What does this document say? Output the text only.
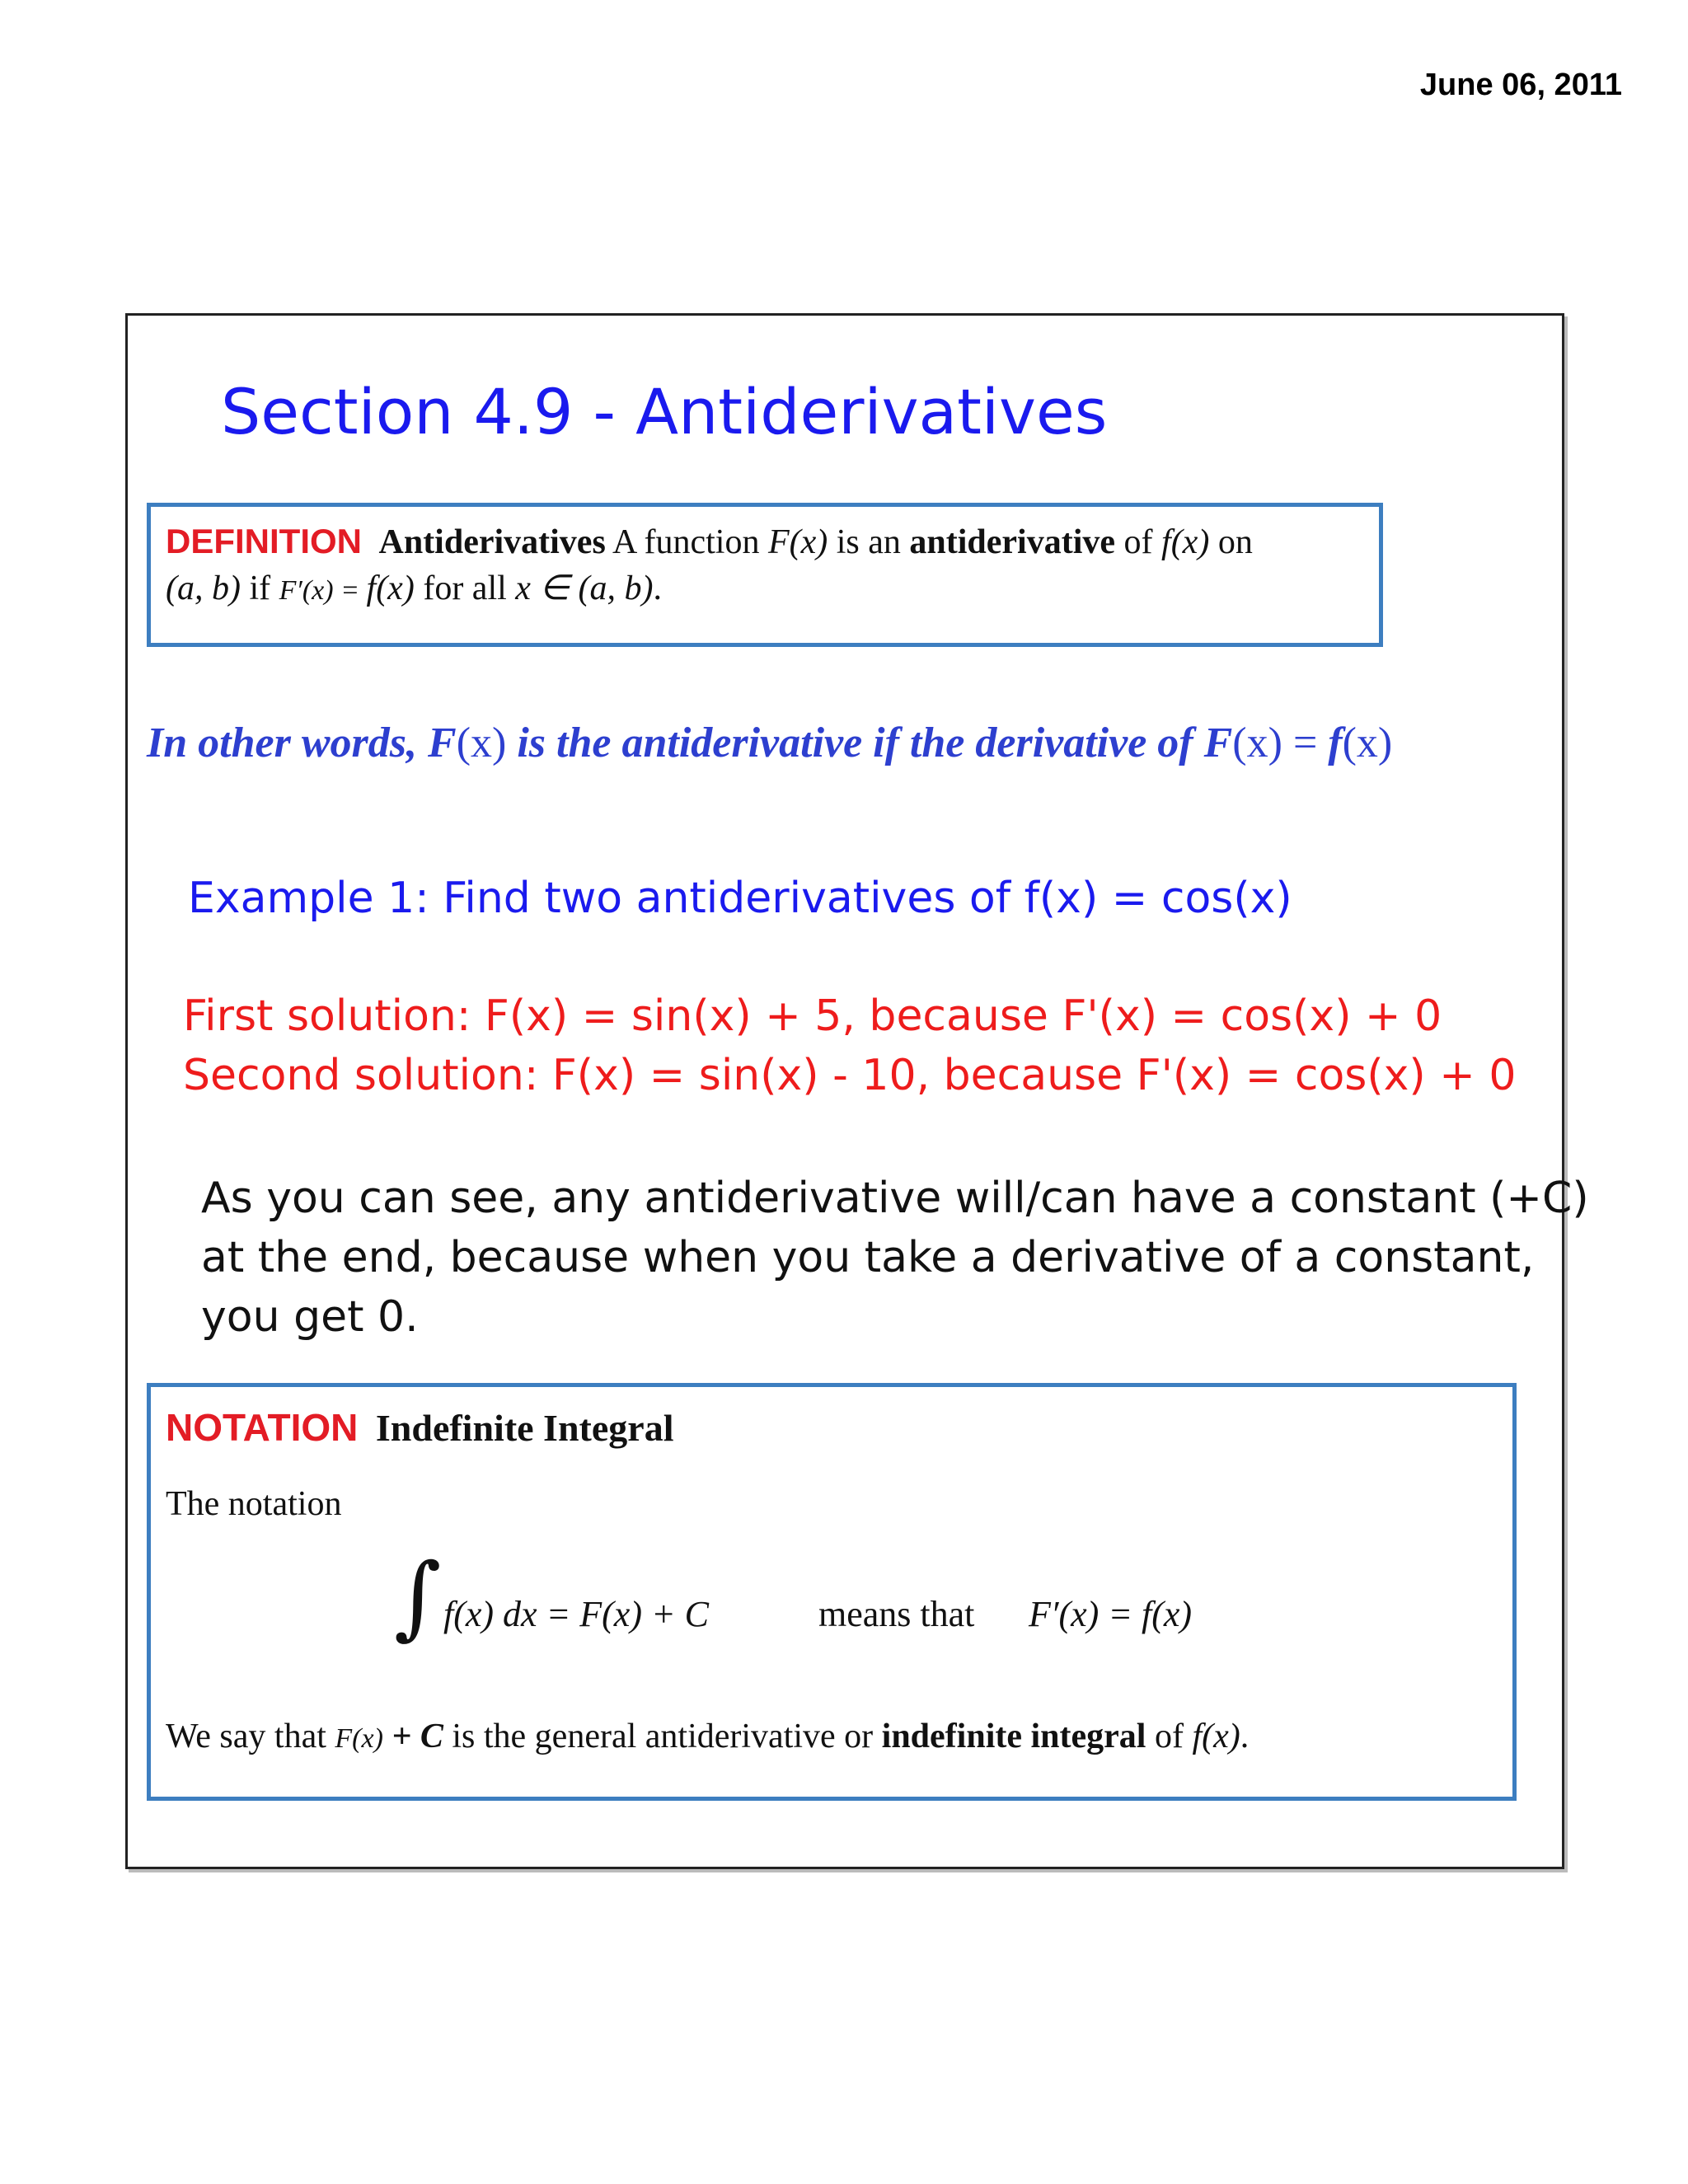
June 06, 2011
Section 4.9 - Antiderivatives
DEFINITION Antiderivatives A function F(x) is an antiderivative of f(x) on
(a, b) if F′(x) = f(x) for all x ∈ (a, b).
In other words, F(x) is the antiderivative if the derivative of F(x) = f(x)
Example 1: Find two antiderivatives of f(x) = cos(x)
First solution: F(x) = sin(x) + 5, because F'(x) = cos(x) + 0
Second solution: F(x) = sin(x) - 10, because F'(x) = cos(x) + 0
As you can see, any antiderivative will/can have a constant (+C)
at the end, because when you take a derivative of a constant,
you get 0.
NOTATION Indefinite Integral
The notation
∫ f(x) dx = F(x) + C	means that F′(x) = f(x)
We say that F(x) + C is the general antiderivative or indefinite integral of f(x).
